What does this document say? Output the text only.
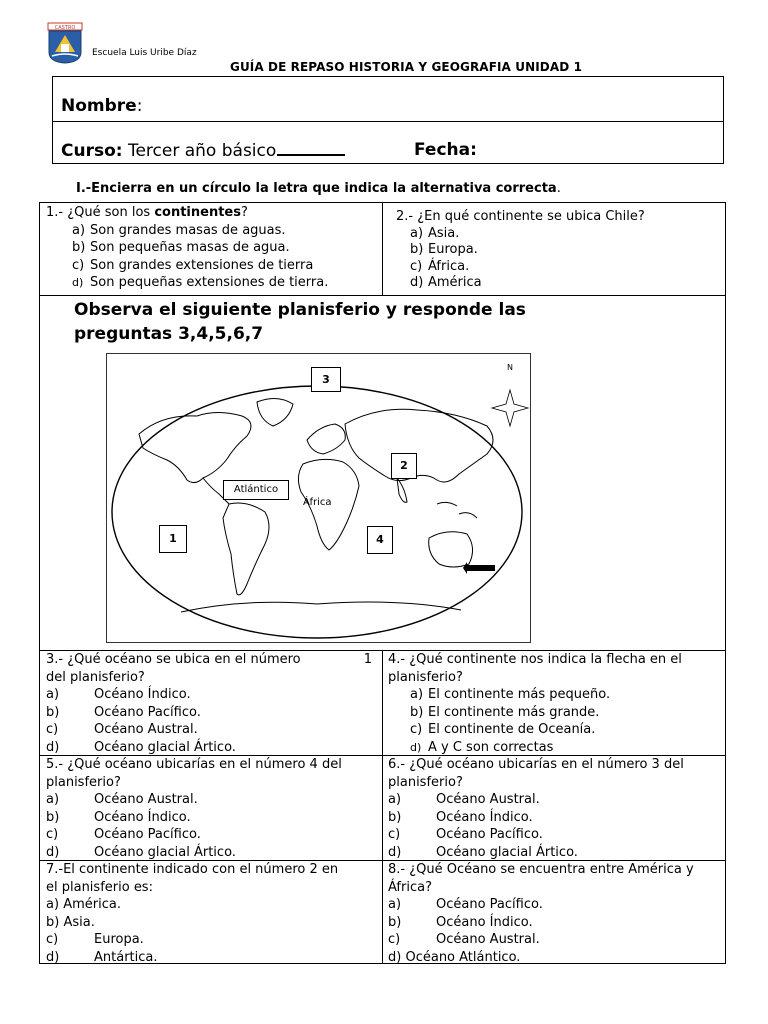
CASTRO
Escuela Luis Uribe Díaz
GUÍA DE REPASO HISTORIA Y GEOGRAFIA UNIDAD 1
Nombre:
Curso: Tercer año básico	Fecha:
I.-Encierra en un círculo la letra que indica la alternativa correcta.
1.- ¿Qué son los continentes?
a) Son grandes masas de aguas.
b) Son pequeñas masas de agua.
c) Son grandes extensiones de tierra
d) Son pequeñas extensiones de tierra.
2.- ¿En qué continente se ubica Chile?
a) Asia.
b) Europa.
c) África.
d) América
Observa el siguiente planisferio y responde las
preguntas 3,4,5,6,7
N
3
2
Atlántico
África
1	4
3.- ¿Qué océano se ubica en el número	1
del planisferio?
a)	Océano Índico.
b)	Océano Pacífico.
c)	Océano Austral.
d)	Océano glacial Ártico.
4.- ¿Qué continente nos indica la flecha en el
planisferio?
a) El continente más pequeño.
b) El continente más grande.
c) El continente de Oceanía.
d) A y C son correctas
5.- ¿Qué océano ubicarías en el número 4 del
planisferio?
a)	Océano Austral.
b)	Océano Índico.
c)	Océano Pacífico.
d)	Océano glacial Ártico.
6.- ¿Qué océano ubicarías en el número 3 del
planisferio?
a)	Océano Austral.
b)	Océano Índico.
c)	Océano Pacífico.
d)	Océano glacial Ártico.
7.-El continente indicado con el número 2 en
el planisferio es:
a) América.
b) Asia.
c)	Europa.
d)	Antártica.
8.- ¿Qué Océano se encuentra entre América y
África?
a)	Océano Pacífico.
b)	Océano Índico.
c)	Océano Austral.
d) Océano Atlántico.
